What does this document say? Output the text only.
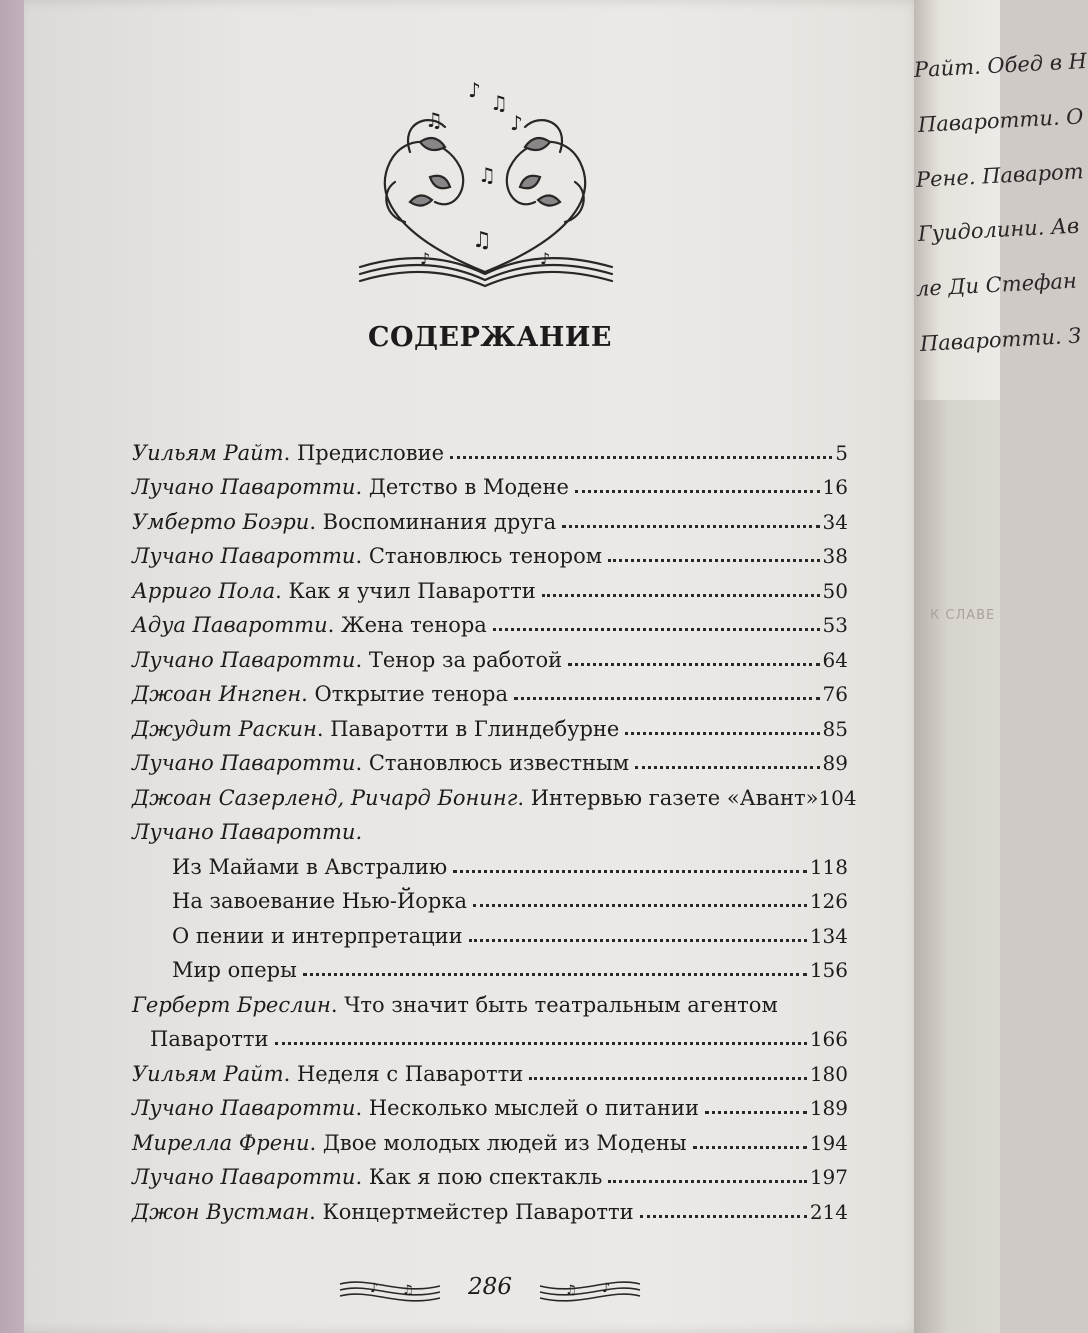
Райт. Обед в Н
Паваротти. О
Рене. Паварот
Гуидолини. Ав
ле Ди Стефан
Паваротти. З
♪
♫
♫	♪
♫
♫
♪	♪
СОДЕРЖАНИЕ
Уильям Райт. Предисловие	5
Лучано Паваротти. Детство в Модене	16
Умберто Боэри. Воспоминания друга	34
Лучано Паваротти. Становлюсь тенором	38
Арриго Пола. Как я учил Паваротти	50
Адуа Паваротти. Жена тенора	53
Лучано Паваротти. Тенор за работой	64
Джоан Ингпен. Открытие тенора	76
Джудит Раскин. Паваротти в Глиндебурне	85
Лучано Паваротти. Становлюсь известным	89
Джоан Сазерленд, Ричард Бонинг. Интервью газете «Авант» 104
Лучано Паваротти.
Из Майами в Австралию	118
На завоевание Нью-Йорка	126
О пении и интерпретации	134
Мир оперы	156
Герберт Бреслин. Что значит быть театральным агентом
Паваротти	166
Уильям Райт. Неделя с Паваротти	180
Лучано Паваротти. Несколько мыслей о питании	189
Мирелла Френи. Двое молодых людей из Модены	194
Лучано Паваротти. Как я пою спектакль	197
Джон Вустман. Концертмейстер Паваротти	214
♪ ♫	♫ ♪
286
К СЛАВЕ
